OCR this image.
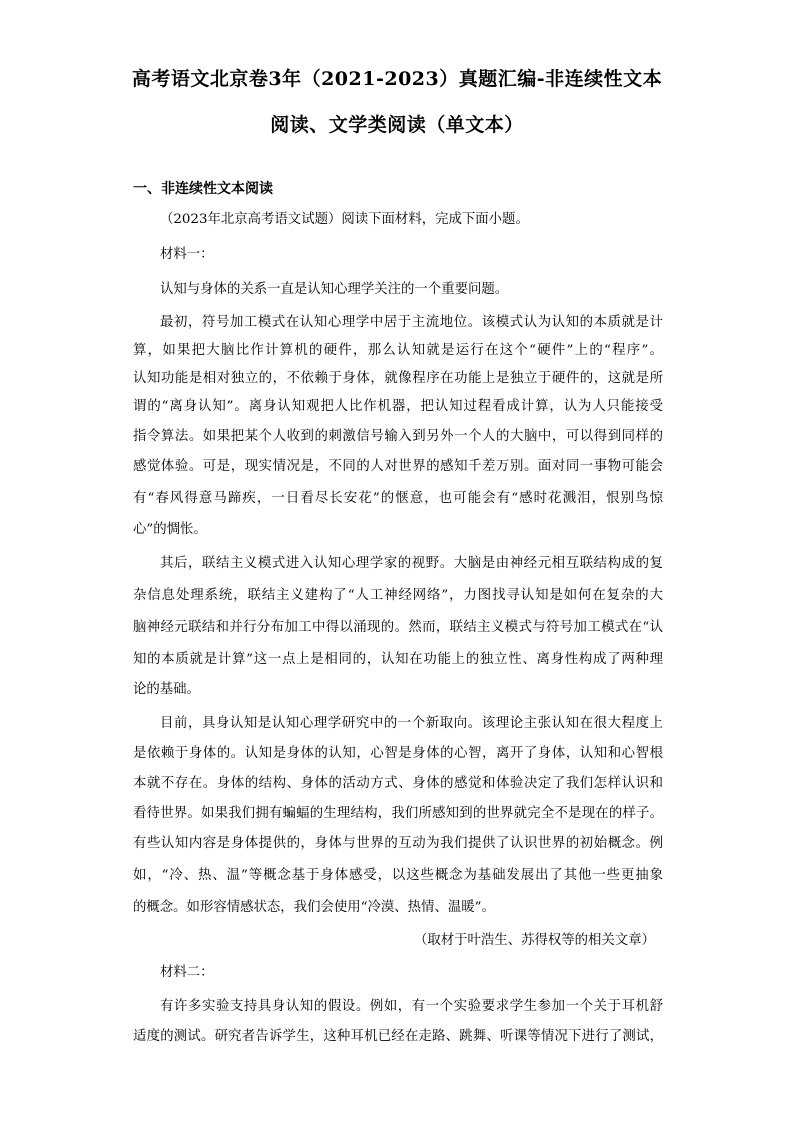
高考语文北京卷3年（2021-2023）真题汇编-非连续性文本
阅读、文学类阅读（单文本）
一、非连续性文本阅读
（2023年北京高考语文试题）阅读下面材料，完成下面小题。
材料一：
认知与身体的关系一直是认知心理学关注的一个重要问题。
最初，符号加工模式在认知心理学中居于主流地位。该模式认为认知的本质就是计
算，如果把大脑比作计算机的硬件，那么认知就是运行在这个“硬件”上的“程序”。
认知功能是相对独立的，不依赖于身体，就像程序在功能上是独立于硬件的，这就是所
谓的“离身认知”。离身认知观把人比作机器，把认知过程看成计算，认为人只能接受
指令算法。如果把某个人收到的刺激信号输入到另外一个人的大脑中，可以得到同样的
感觉体验。可是，现实情况是，不同的人对世界的感知千差万别。面对同一事物可能会
有“春风得意马蹄疾，一日看尽长安花”的惬意，也可能会有“感时花溅泪，恨别鸟惊
心”的惆怅。
其后，联结主义模式进入认知心理学家的视野。大脑是由神经元相互联结构成的复
杂信息处理系统，联结主义建构了“人工神经网络”，力图找寻认知是如何在复杂的大
脑神经元联结和并行分布加工中得以涌现的。然而，联结主义模式与符号加工模式在“认
知的本质就是计算”这一点上是相同的，认知在功能上的独立性、离身性构成了两种理
论的基础。
目前，具身认知是认知心理学研究中的一个新取向。该理论主张认知在很大程度上
是依赖于身体的。认知是身体的认知，心智是身体的心智，离开了身体，认知和心智根
本就不存在。身体的结构、身体的活动方式、身体的感觉和体验决定了我们怎样认识和
看待世界。如果我们拥有蝙蝠的生理结构，我们所感知到的世界就完全不是现在的样子。
有些认知内容是身体提供的，身体与世界的互动为我们提供了认识世界的初始概念。例
如，“冷、热、温”等概念基于身体感受，以这些概念为基础发展出了其他一些更抽象
的概念。如形容情感状态，我们会使用“冷漠、热情、温暖”。
（取材于叶浩生、苏得权等的相关文章）
材料二：
有许多实验支持具身认知的假设。例如，有一个实验要求学生参加一个关于耳机舒
适度的测试。研究者告诉学生，这种耳机已经在走路、跳舞、听课等情况下进行了测试，
